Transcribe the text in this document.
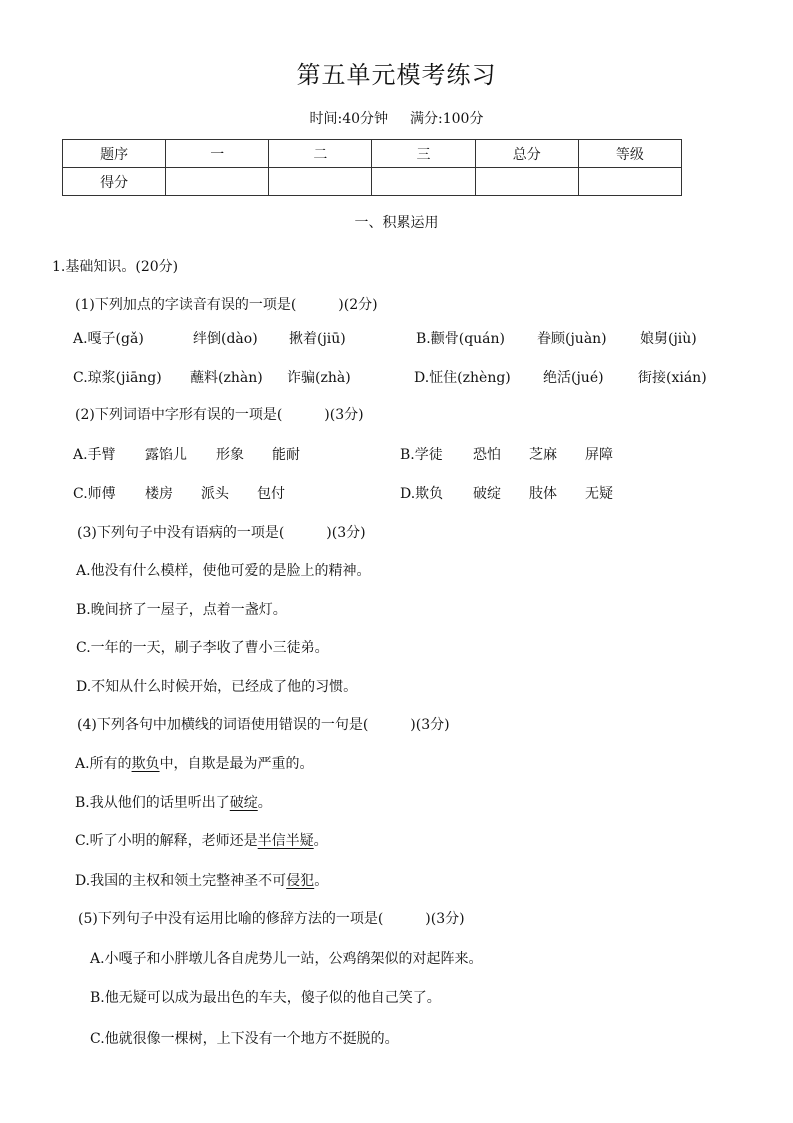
第五单元模考练习
时间:40分钟 满分:100分
题序	一	二	三	总分	等级
得分					
一、积累运用
1.基础知识。(20分)
(1)下列加点的字读音有误的一项是(　　　)(2分)
A.嘎子(gǎ)	绊倒(dào) 揪着(jiū)	B.颧骨(quán) 眷顾(juàn) 娘舅(jiù)
C.琼浆(jiāng) 蘸料(zhàn) 诈骗(zhà)	D.怔住(zhèng) 绝活(jué) 街接(xián)
(2)下列词语中字形有误的一项是(　　　)(3分)
A.手臂 露馅儿 形象 能耐	B.学徒 恐怕 芝麻 屏障
C.师傅 楼房 派头 包付	D.欺负 破绽 肢体 无疑
(3)下列句子中没有语病的一项是(　　　)(3分)
A.他没有什么模样，使他可爱的是脸上的精神。
B.晚间挤了一屋子，点着一盏灯。
C.一年的一天，刷子李收了曹小三徒弟。
D.不知从什么时候开始，已经成了他的习惯。
(4)下列各句中加横线的词语使用错误的一句是(　　　)(3分)
A.所有的欺负中，自欺是最为严重的。
B.我从他们的话里听出了破绽。
C.听了小明的解释，老师还是半信半疑。
D.我国的主权和领土完整神圣不可侵犯。
(5)下列句子中没有运用比喻的修辞方法的一项是(　　　)(3分)
A.小嘎子和小胖墩儿各自虎势儿一站，公鸡鹐架似的对起阵来。
B.他无疑可以成为最出色的车夫，傻子似的他自己笑了。
C.他就很像一棵树，上下没有一个地方不挺脱的。
